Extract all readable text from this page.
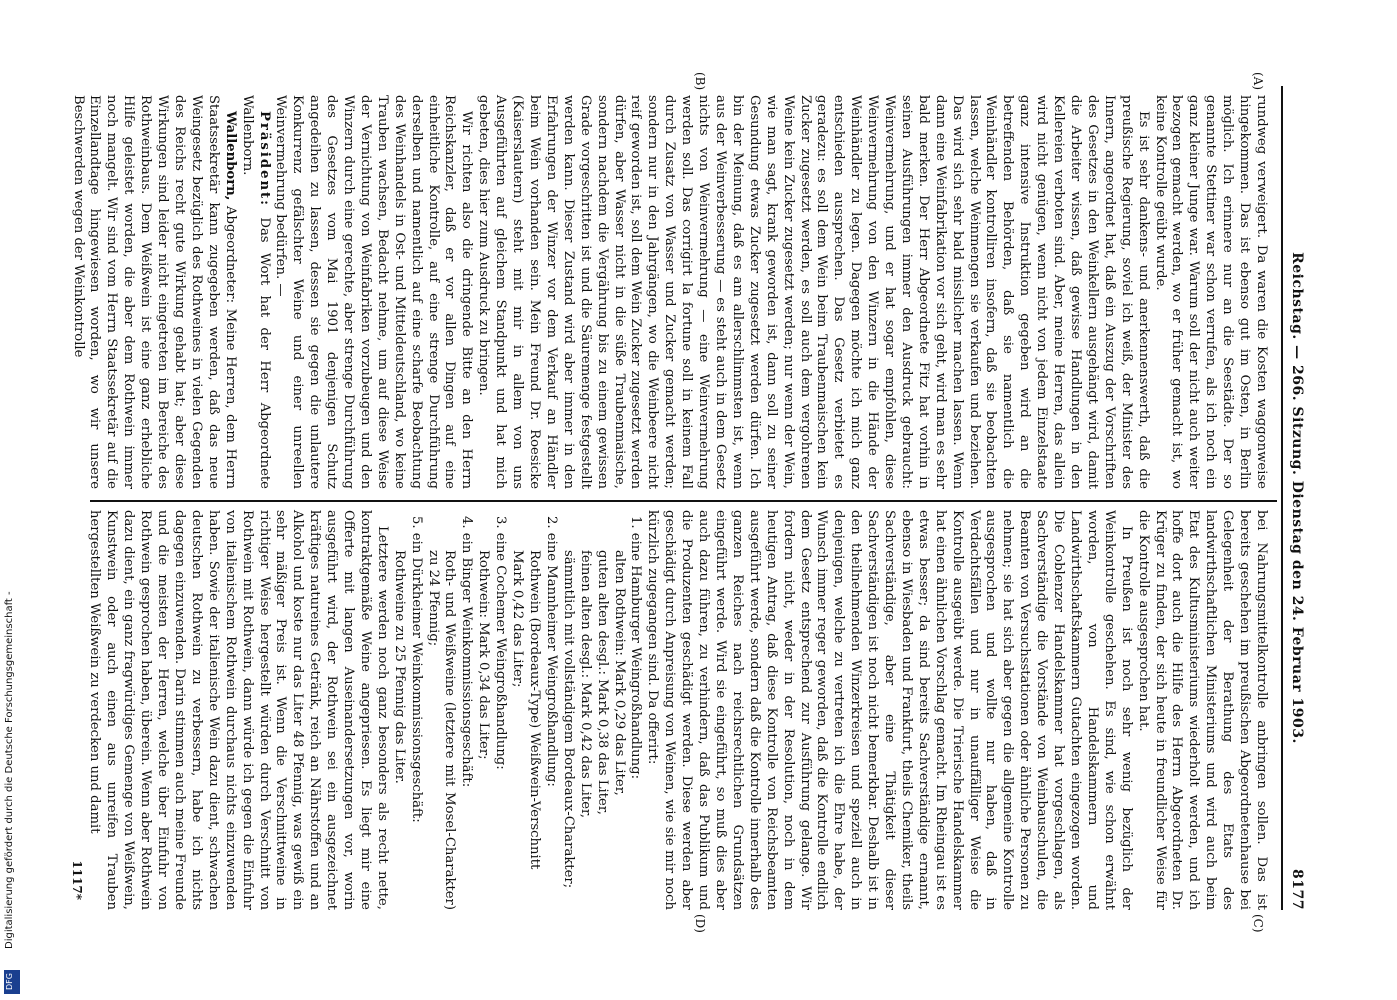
Reichstag. — 266. Sitzung. Dienstag den 24. Februar 1903.
8177
(A)
(B)
(C)
(D)

rundweg verweigert. Da waren die Kosten waggonweise hingekommen. Das ist ebenso gut im Osten, in Berlin möglich. Ich erinnere nur an die Seestädte. Der so genannte Stettiner war schon verrufen, als ich noch ein ganz kleiner Junge war. Warum soll der nicht auch weiter bezogen gemacht werden, wo er früher gemacht ist, wo keine Kontrolle geübt wurde.

Es ist sehr dankens- und anerkennenswerth, daß die preußische Regierung, soviel ich weiß, der Minister des Innern, angeordnet hat, daß ein Auszug der Vorschriften des Gesetzes in den Weinkellern ausgehängt wird, damit die Arbeiter wissen, daß gewisse Handlungen in den Kellereien verboten sind. Aber, meine Herren, das allein wird nicht genügen, wenn nicht von jedem Einzelstaate ganz intensive Instruktion gegeben wird an die betreffenden Behörden, daß sie namentlich die Weinhändler kontrolliren insofern, daß sie beobachten lassen, welche Weinmengen sie verkaufen und beziehen. Das wird sich sehr bald misslicher machen lassen. Wenn dann eine Weinfabrikation vor sich geht, wird man es sehr bald merken. Der Herr Abgeordnete Fitz hat vorhin in seinen Ausführungen immer den Ausdruck gebraucht: Weinvermehrung, und er hat sogar empfohlen, diese Weinvermehrung von den Winzern in die Hände der Weinhändler zu legen. Dagegen möchte ich mich ganz entschieden aussprechen. Das Gesetz verbietet es geradezu: es soll dem Wein beim Traubenmaischen kein Zucker zugesetzt werden, es soll auch dem vergohrenen Weine kein Zucker zugesetzt werden; nur wenn der Wein, wie man sagt, krank geworden ist, dann soll zu seiner Gesundung etwas Zucker zugesetzt werden dürfen. Ich bin der Meinung, daß es am allerschlimmsten ist, wenn aus der Weinverbesserung — es steht auch in dem Gesetz nichts von Weinvermehrung — eine Weinvermehrung werden soll. Das corrigirt la fortune soll in keinem Fall durch Zusatz von Wasser und Zucker gemacht werden; sondern nur in den Jahrgängen, wo die Weinbeere nicht reif geworden ist, soll dem Wein Zucker zugesetzt werden dürfen, aber Wasser nicht in die süße Traubenmaische, sondern nachdem die Vergährung bis zu einem gewissen Grade vorgeschritten ist und die Säuremenge festgestellt werden kann. Dieser Zustand wird aber immer in den Erfahrungen der Winzer vor dem Verkauf an Händler beim Wein vorhanden sein. Mein Freund Dr. Roesicke (Kaiserslautern) steht mit mir in allem von uns Ausgeführten auf gleichem Standpunkt und hat mich gebeten, dies hier zum Ausdruck zu bringen.

Wir richten also die dringende Bitte an den Herrn Reichskanzler, daß er vor allen Dingen auf eine einheitliche Kontrolle, auf eine strenge Durchführung derselben und namentlich auf eine scharfe Beobachtung des Weinhandels in Ost- und Mitteldeutschland, wo keine Trauben wachsen, Bedacht nehme, um auf diese Weise der Vernichtung von Weinfabriken vorzubeugen und den Winzern durch eine gerechte, aber strenge Durchführung des Gesetzes vom Mai 1901 denjenigen Schutz angedeihen zu lassen, dessen sie gegen die unlautere Konkurrenz gefälschter Weine und einer unreellen Weinvermehrung bedürfen. —

Präsident: Das Wort hat der Herr Abgeordnete Wallenborn.

Wallenborn, Abgeordneter: Meine Herren, dem Herrn Staatssekretär kann zugegeben werden, daß das neue Weingesetz bezüglich des Rothweines in vielen Gegenden des Reichs recht gute Wirkung gehabt hat; aber diese Wirkungen sind leider nicht eingetreten im Bereiche des Rothweinbaus. Dem Weißwein ist eine ganz erhebliche Hilfe geleistet worden, die aber dem Rothwein immer noch mangelt. Wir sind vom Herrn Staatssekretär auf die Einzellandtage hingewiesen worden, wo wir unsere Beschwerden wegen der Weinkontrolle

bei Nahrungsmittelkontrolle anbringen sollen. Das ist bereits geschehen im preußischen Abgeordnetenhause bei Gelegenheit der Berathung des Etats des landwirthschaftlichen Ministeriums und wird auch beim Etat des Kultusministeriums wiederholt werden, und ich hoffe dort auch die Hilfe des Herrn Abgeordneten Dr. Krüger zu finden, der sich heute in freundlicher Weise für die Kontrolle ausgesprochen hat.

In Preußen ist noch sehr wenig bezüglich der Weinkontrolle geschehen. Es sind, wie schon erwähnt worden, von Handelskammern und Landwirthschaftskammern Gutachten eingezogen worden. Die Coblenzer Handelskammer hat vorgeschlagen, als Sachverständige die Vorstände von Weinbauschulen, die Beamten von Versuchsstationen oder ähnliche Personen zu nehmen; sie hat sich aber gegen die allgemeine Kontrolle ausgesprochen und wollte nur haben, daß in Verdachtsfällen und nur in unauffälliger Weise die Kontrolle ausgeübt werde. Die Trierische Handelskammer hat einen ähnlichen Vorschlag gemacht. Im Rheingau ist es etwas besser; da sind bereits Sachverständige ernannt, ebenso in Wiesbaden und Frankfurt, theils Chemiker, theils Sachverständige, aber eine Thätigkeit dieser Sachverständigen ist noch nicht bemerkbar. Deshalb ist in den theilnehmenden Winzerkreisen und speziell auch in denjenigen, welche zu vertreten ich die Ehre habe, der Wunsch immer reger geworden, daß die Kontrolle endlich dem Gesetz entsprechend zur Ausführung gelange. Wir fordern nicht, weder in der Resolution, noch in dem heutigen Antrag, daß diese Kontrolle von Reichsbeamten ausgeführt werde, sondern daß die Kontrolle innerhalb des ganzen Reiches nach reichsrechtlichen Grundsätzen eingeführt werde. Wird sie eingeführt, so muß dies aber auch dazu führen, zu verhindern, daß das Publikum und die Produzenten geschädigt werden. Diese werden aber geschädigt durch Anpreisung von Weinen, wie sie mir noch kürzlich zugegangen sind. Da offerirt:

1. eine Hamburger Weingroßhandlung:
alten Rothwein: Mark 0,29 das Liter,
guten alten desgl.: Mark 0,38 das Liter,
feinen alten desgl.: Mark 0,42 das Liter,
sämmtlich mit vollständigem Bordeaux-Charakter;
2. eine Mannheimer Weingroßhandlung:
Rothwein (Bordeaux-Type) Weißwein-Verschnitt
Mark 0,42 das Liter;
3. eine Cochemer Weingroßhandlung:
Rothwein: Mark 0,34 das Liter;
4. ein Binger Weinkommissionsgeschäft:
Roth- und Weißweine (letztere mit Mosel-Charakter) zu 24 Pfennig;
5. ein Dürkheimer Weinkommissionsgeschäft:
Rothweine zu 25 Pfennig das Liter.

Letztere werden noch ganz besonders als recht nette, kontraktgemäße Weine angepriesen. Es liegt mir eine Offerte mit langen Auseinandersetzungen vor, worin ausgeführt wird, der Rothwein sei ein ausgezeichnet kräftiges natureines Getränk, reich an Nährstoffen und an Alkohol und koste nur das Liter 48 Pfennig, was gewiß ein sehr mäßiger Preis ist. Wenn die Verschnittweine in richtiger Weise hergestellt würden durch Verschnitt von Rothwein mit Rothwein, dann würde ich gegen die Einfuhr von italienischem Rothwein durchaus nichts einzuwenden haben. Sowie der italienische Wein dazu dient, schwachen deutschen Rothwein zu verbessern, habe ich nichts dagegen einzuwenden. Darin stimmen auch meine Freunde und die meisten der Herren, welche über Einfuhr von Rothwein gesprochen haben, überein. Wenn aber Rothwein dazu dient, ein ganz fragwürdiges Gemenge von Weißwein, Kunstwein oder auch einen aus unreifen Trauben hergestellten Weißwein zu verdecken und damit

1117*
Digitalisierung gefördert durch die Deutsche Forschungsgemeinschaft -
DFG
